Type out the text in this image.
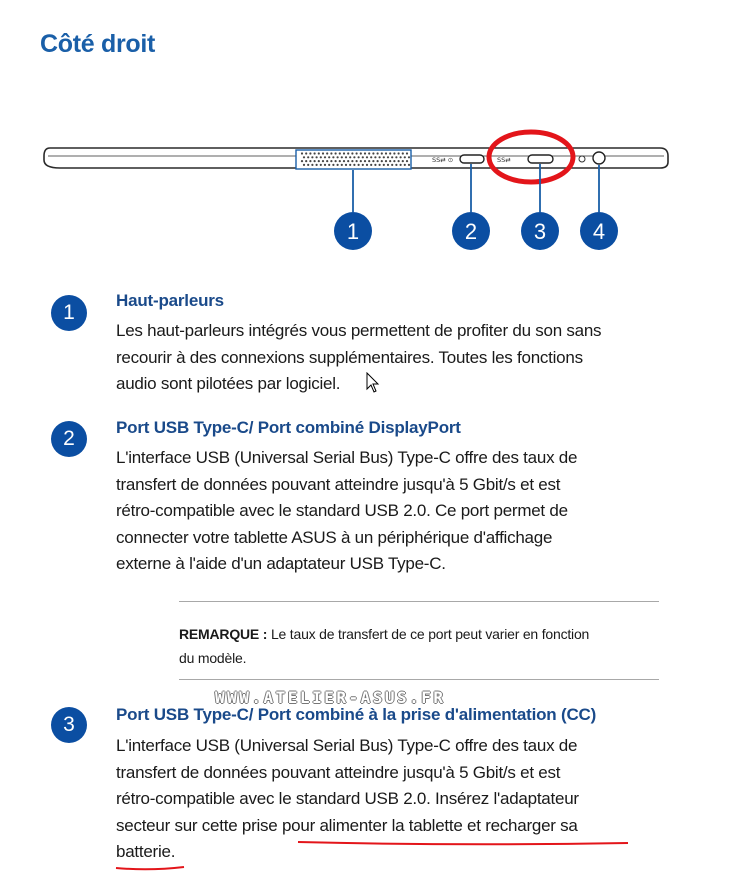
Côté droit
SS⇄ ⊙	SS⇄
1	2	3 4
1
Haut-parleurs
Les haut-parleurs intégrés vous permettent de profiter du son sans
recourir à des connexions supplémentaires. Toutes les fonctions
audio sont pilotées par logiciel.
2	Port USB Type-C/ Port combiné DisplayPort
L'interface USB (Universal Serial Bus) Type-C offre des taux de
transfert de données pouvant atteindre jusqu'à 5 Gbit/s et est
rétro-compatible avec le standard USB 2.0. Ce port permet de
connecter votre tablette ASUS à un périphérique d'affichage
externe à l'aide d'un adaptateur USB Type-C.
REMARQUE : Le taux de transfert de ce port peut varier en fonction
du modèle.
WWW.ATELIER-ASUS.FR
3	Port USB Type-C/ Port combiné à la prise d'alimentation (CC)
L'interface USB (Universal Serial Bus) Type-C offre des taux de
transfert de données pouvant atteindre jusqu'à 5 Gbit/s et est
rétro-compatible avec le standard USB 2.0. Insérez l'adaptateur
secteur sur cette prise pour alimenter la tablette et recharger sa
batterie.
